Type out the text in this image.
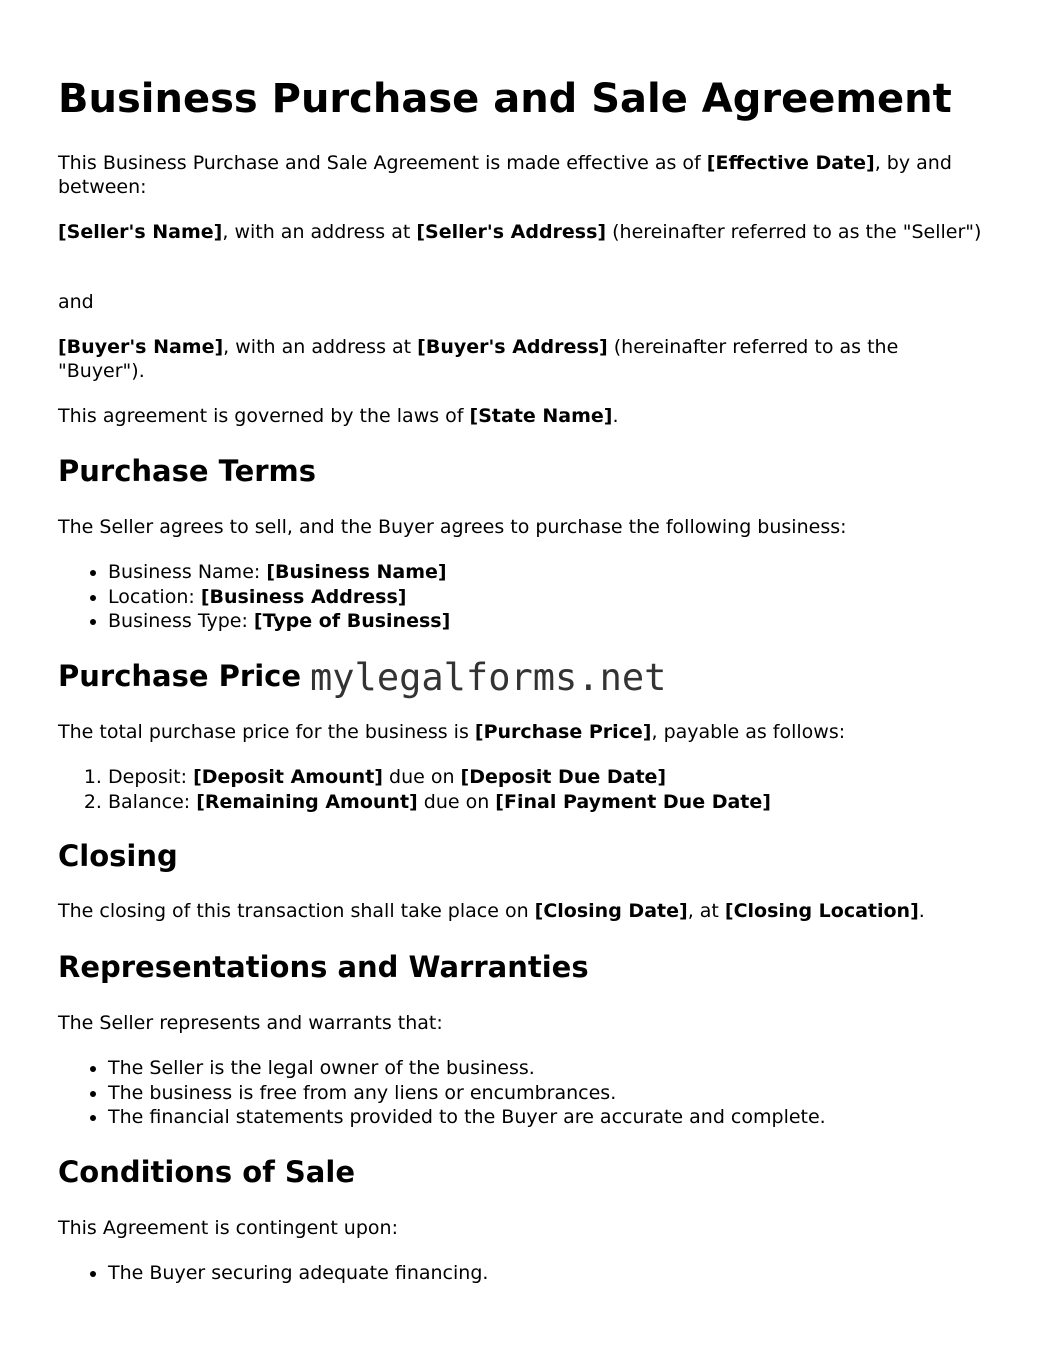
Business Purchase and Sale Agreement

This Business Purchase and Sale Agreement is made effective as of [Effective Date], by and between:

[Seller's Name], with an address at [Seller's Address] (hereinafter referred to as the "Seller")

and

[Buyer's Name], with an address at [Buyer's Address] (hereinafter referred to as the "Buyer").

This agreement is governed by the laws of [State Name].

Purchase Terms

The Seller agrees to sell, and the Buyer agrees to purchase the following business:

• Business Name: [Business Name]
• Location: [Business Address]
• Business Type: [Type of Business]
Purchase Price

The total purchase price for the business is [Purchase Price], payable as follows:

1. Deposit: [Deposit Amount] due on [Deposit Due Date]
2. Balance: [Remaining Amount] due on [Final Payment Due Date]
Closing

The closing of this transaction shall take place on [Closing Date], at [Closing Location].

Representations and Warranties

The Seller represents and warrants that:

• The Seller is the legal owner of the business.
• The business is free from any liens or encumbrances.
• The financial statements provided to the Buyer are accurate and complete.
Conditions of Sale

This Agreement is contingent upon:

• The Buyer securing adequate financing.
mylegalforms.net
